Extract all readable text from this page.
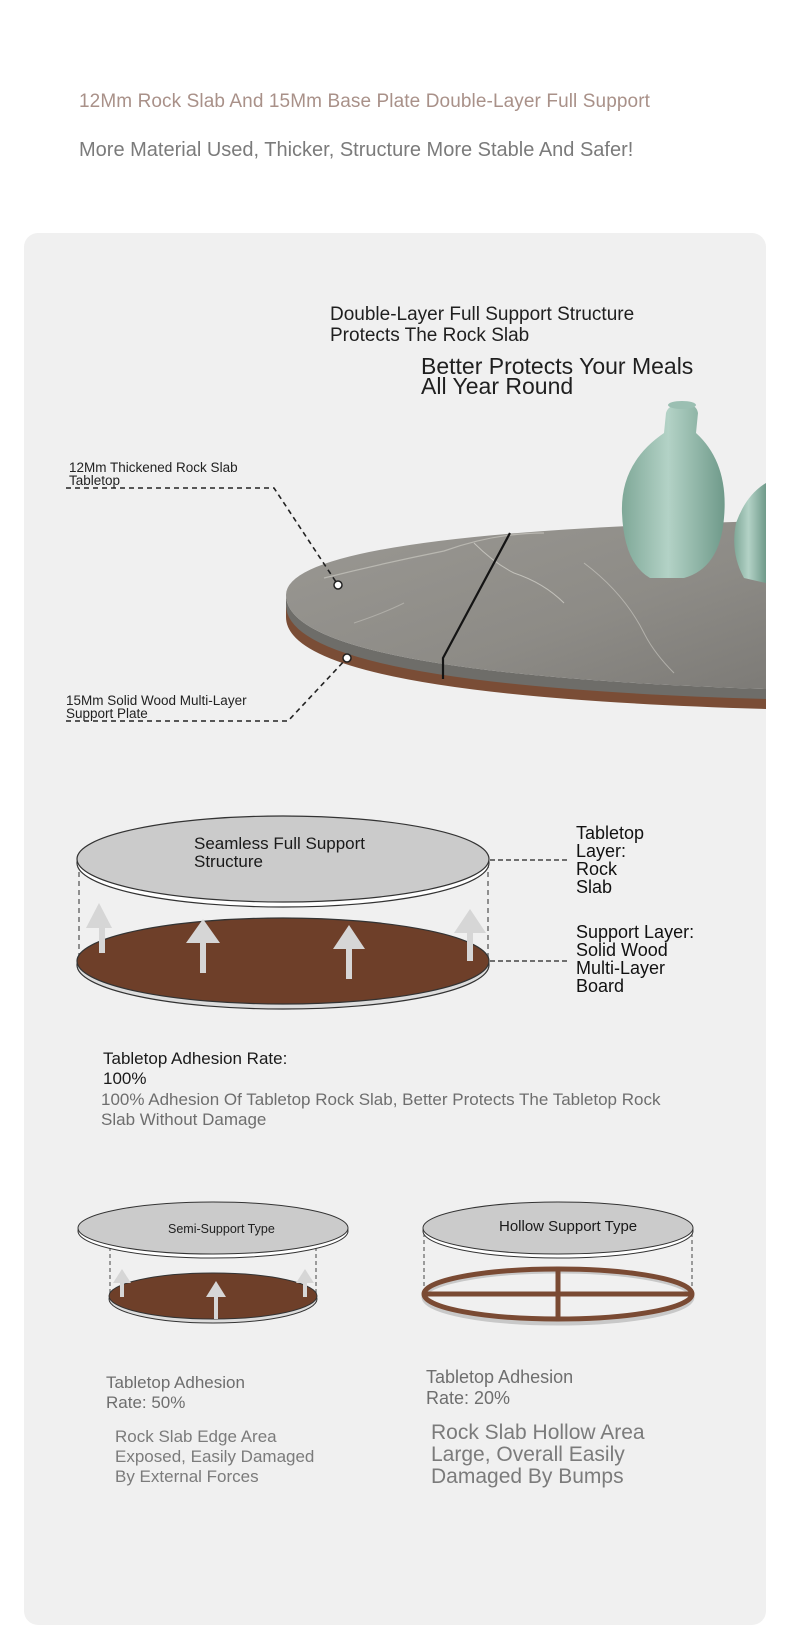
12Mm Rock Slab And 15Mm Base Plate Double-Layer Full Support
More Material Used, Thicker, Structure More Stable And Safer!
Double-Layer Full Support Structure
Protects The Rock Slab
Better Protects Your Meals
All Year Round
12Mm Thickened Rock Slab
Tabletop
15Mm Solid Wood Multi-Layer
Support Plate
Seamless Full Support
Structure
Tabletop
Layer:
Rock
Slab
Support Layer:
Solid Wood
Multi-Layer
Board
Tabletop Adhesion Rate:
100%
100% Adhesion Of Tabletop Rock Slab, Better Protects The Tabletop Rock
Slab Without Damage
Semi-Support Type	Hollow Support Type
Tabletop Adhesion
Rate: 50%
Rock Slab Edge Area
Exposed, Easily Damaged
By External Forces
Tabletop Adhesion
Rate: 20%
Rock Slab Hollow Area
Large, Overall Easily
Damaged By Bumps
